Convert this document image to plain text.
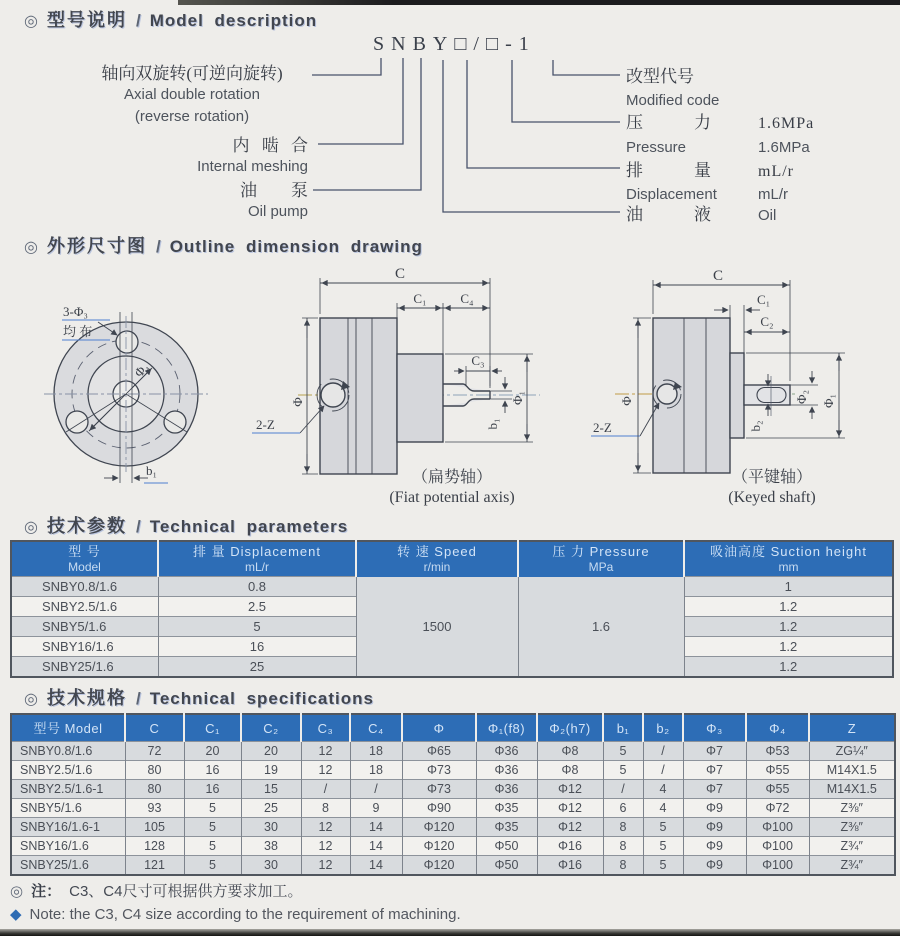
◎ 型号说明 / Model description
SNBY□/□-1
轴向双旋转(可逆向旋转)
Axial double rotation
(reverse rotation)
内 啮 合
Internal meshing
油　　泵
Oil pump
改型代号
Modified code
压　　　力	1.6MPa
Pressure	1.6MPa
排　　　量	mL/r
Displacement	mL/r
油　　　液	Oil
◎ 外形尺寸图 / Outline dimension drawing
3-Φ₃
均 布
Φ₄
b₁
C
C₁	C₄
C₃
Φ	Φ₁
b₁
2-Z
（扁势轴）
(Fiat potential axis)
C
C₁
C₂
Φ	Φ₁
Φ₂
b₂
2-Z
（平键轴）
(Keyed shaft)
◎ 技术参数 / Technical parameters
型 号
Model

排 量 Displacement
mL/r

转 速 Speed
r/min

压 力 Pressure
MPa

吸油高度 Suction height
mm

SNBY0.8/1.6	0.8	1500	1.6	1
SNBY2.5/1.6	2.5			1.2
SNBY5/1.6	5			1.2
SNBY16/1.6	16			1.2
SNBY25/1.6	25			1.2
◎ 技术规格 / Technical specifications
型号 Model	C	C₁	C₂	C₃	C₄	Φ	Φ₁(f8)	Φ₂(h7)	b₁	b₂	Φ₃	Φ₄	Z

SNBY0.8/1.6	72	20	20	12	18	Φ65	Φ36	Φ8	5	/	Φ7	Φ53	ZG¼″
SNBY2.5/1.6	80	16	19	12	18	Φ73	Φ36	Φ8	5	/	Φ7	Φ55	M14X1.5
SNBY2.5/1.6-1	80	16	15	/	/	Φ73	Φ36	Φ12	/	4	Φ7	Φ55	M14X1.5
SNBY5/1.6	93	5	25	8	9	Φ90	Φ35	Φ12	6	4	Φ9	Φ72	Z⅜″
SNBY16/1.6-1	105	5	30	12	14	Φ120	Φ35	Φ12	8	5	Φ9	Φ100	Z⅜″
SNBY16/1.6	128	5	38	12	14	Φ120	Φ50	Φ16	8	5	Φ9	Φ100	Z¾″
SNBY25/1.6	121	5	30	12	14	Φ120	Φ50	Φ16	8	5	Φ9	Φ100	Z¾″
◎ 注： C3、C4尺寸可根据供方要求加工。
◆ Note: the C3, C4 size according to the requirement of machining.
